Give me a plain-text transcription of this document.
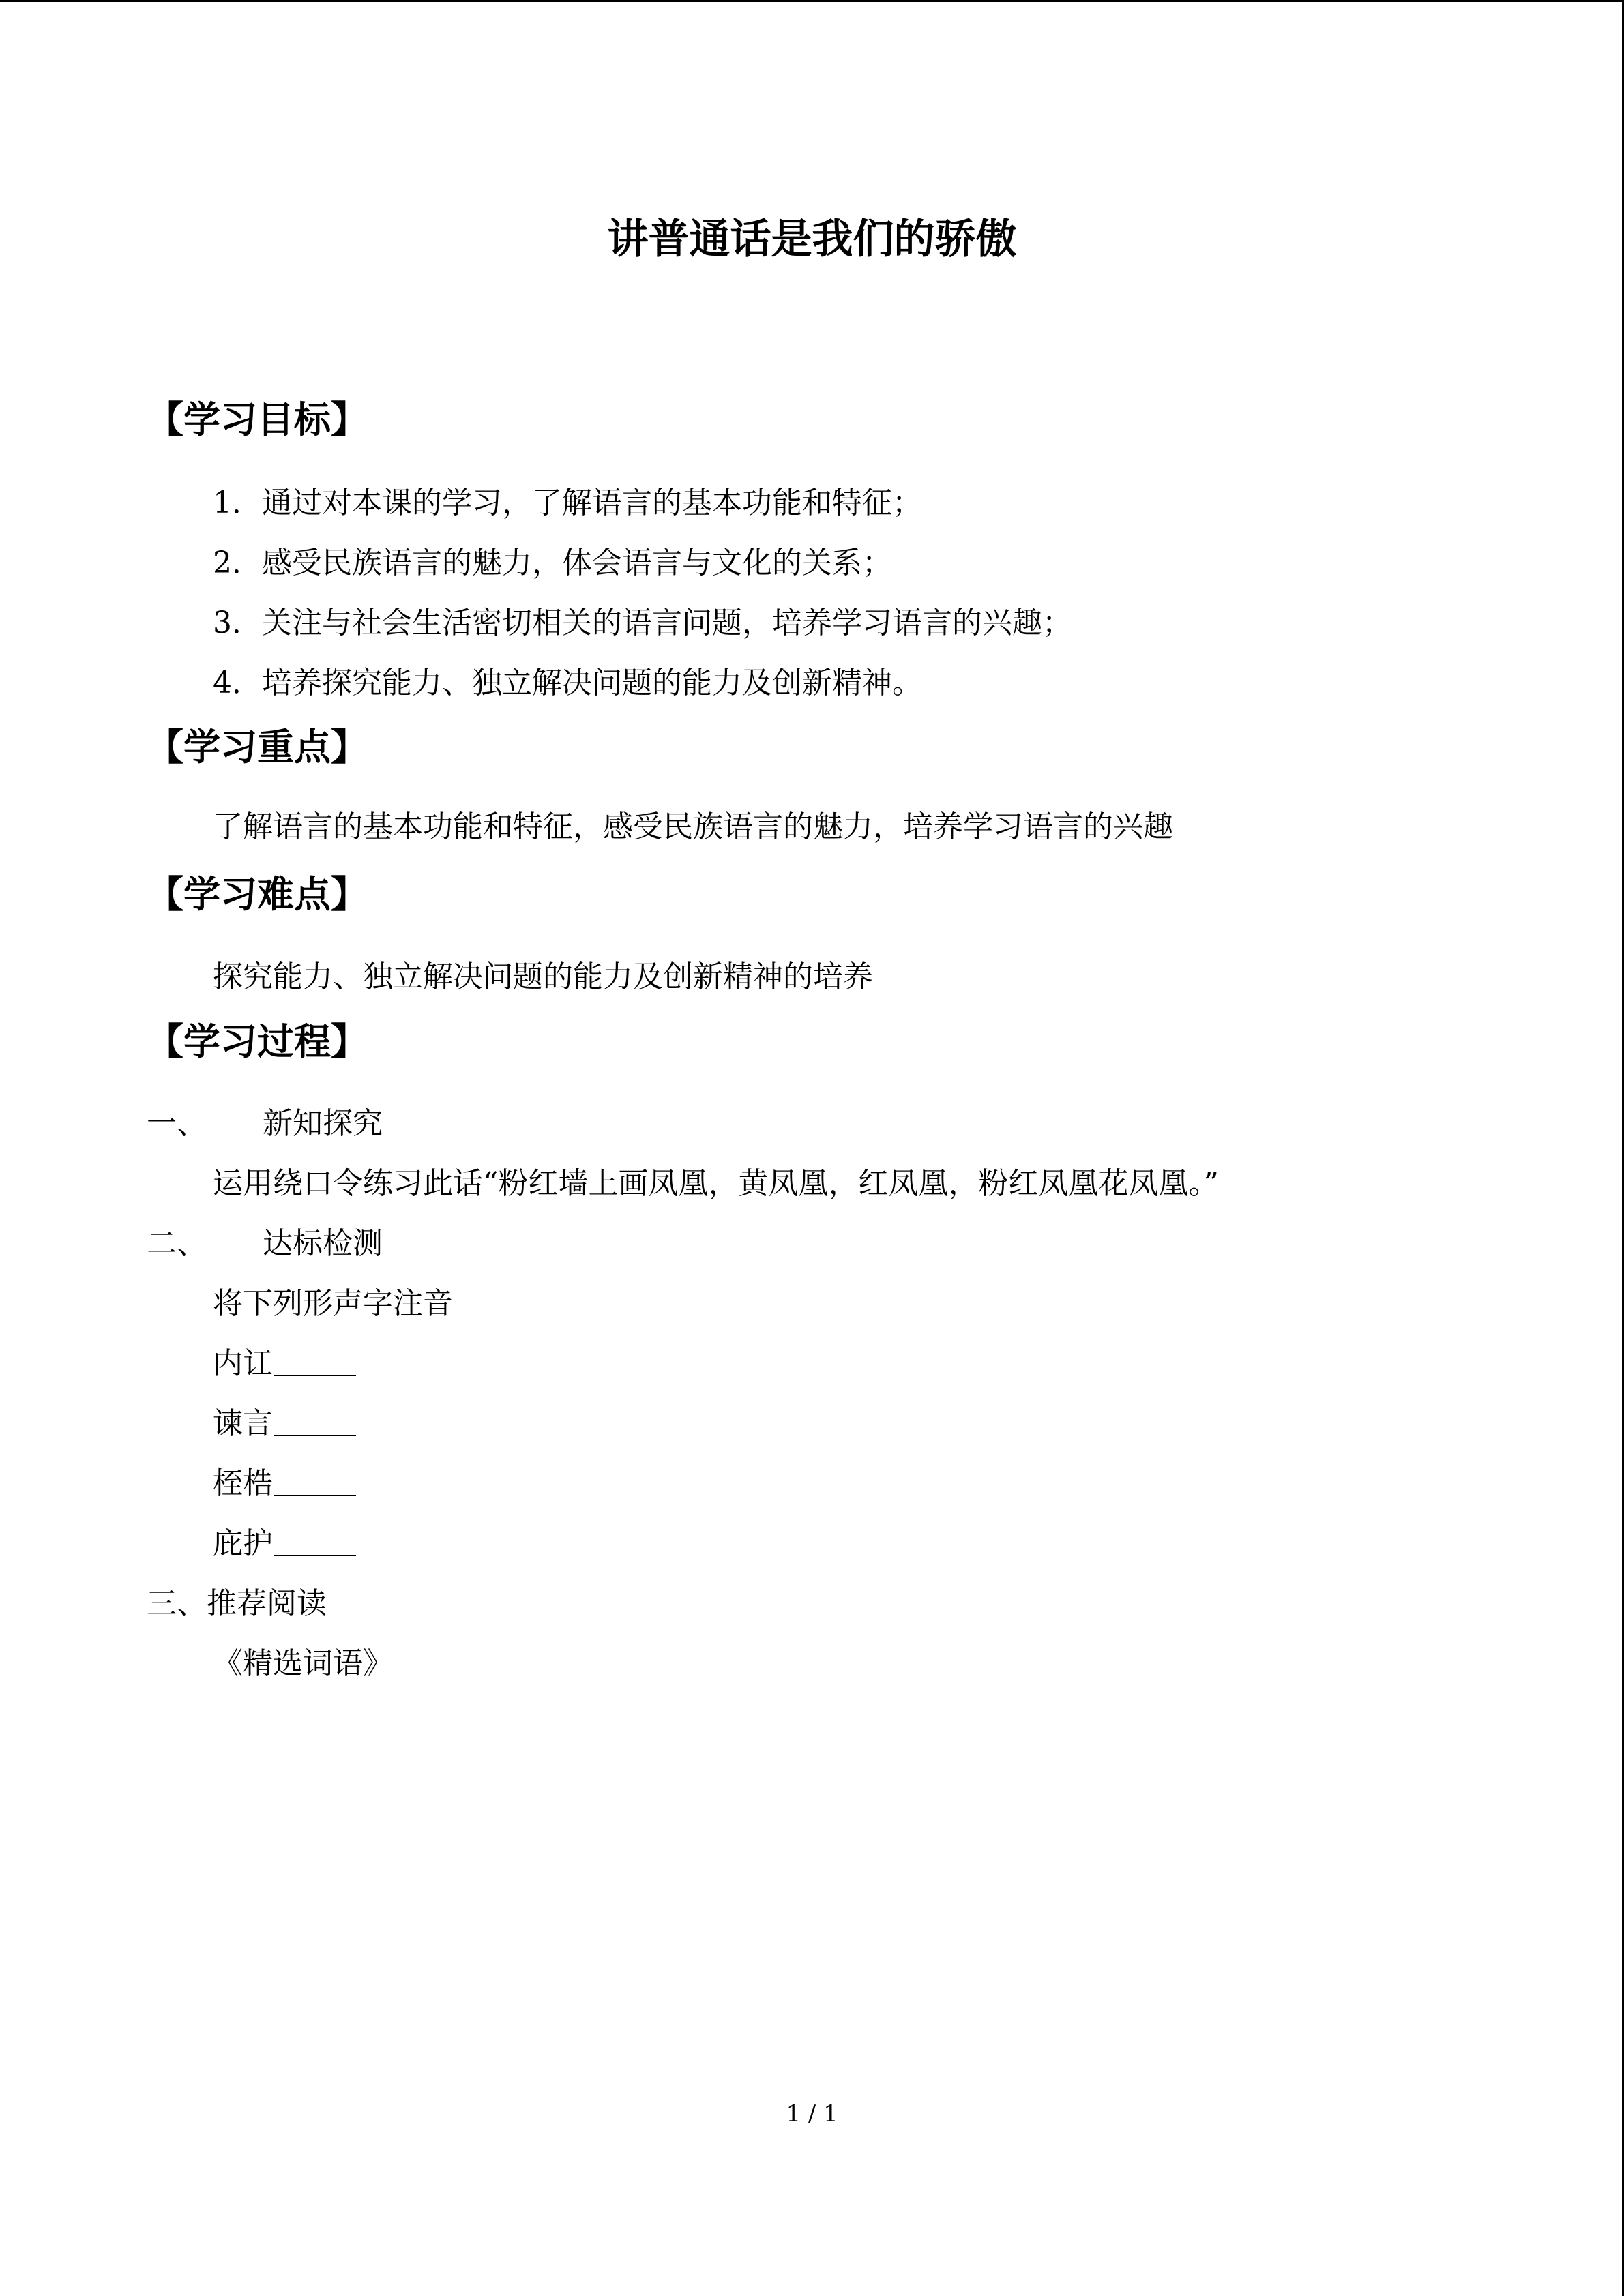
讲普通话是我们的骄傲
【学习目标】
1．通过对本课的学习，了解语言的基本功能和特征；
2．感受民族语言的魅力，体会语言与文化的关系；
3．关注与社会生活密切相关的语言问题，培养学习语言的兴趣；
4．培养探究能力、独立解决问题的能力及创新精神。
【学习重点】
了解语言的基本功能和特征，感受民族语言的魅力，培养学习语言的兴趣
【学习难点】
探究能力、独立解决问题的能力及创新精神的培养
【学习过程】
一、 新知探究
运用绕口令练习此话“粉红墙上画凤凰，黄凤凰，红凤凰，粉红凤凰花凤凰。”
二、 达标检测
将下列形声字注音
内讧
谏言
桎梏
庇护
三、推荐阅读
《精选词语》
1 / 1
